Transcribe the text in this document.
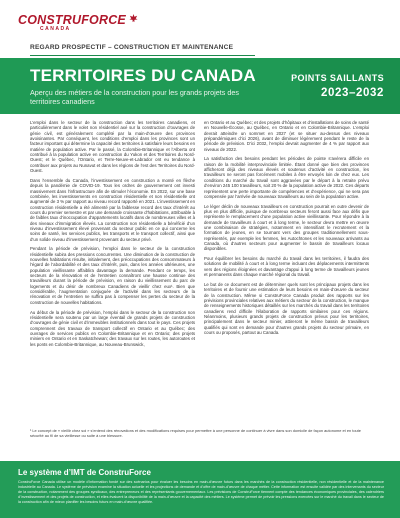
CONSTRUFORCE
CANADA
REGARD PROSPECTIF – CONSTRUCTION ET MAINTENANCE
TERRITOIRES DU CANADA
Aperçu des métiers de la construction pour les grands projets des territoires canadiens
POINTS SAILLANTS
2023–2032

L’emploi dans le secteur de la construction dans les territoires canadiens, et particulièrement dans le volet non résidentiel axé sur la construction d’ouvrages de génie civil, est généralement complété par la main-d’œuvre des provinces avoisinantes. Par conséquent, les conditions d’emploi dans les provinces sont un facteur important qui détermine la capacité des territoires à satisfaire leurs besoins en matière de population active. Par le passé, la Colombie-Britannique et l’Alberta ont contribué à la population active en construction du Yukon et des Territoires du Nord-Ouest; et le Québec, l’Ontario, et Terre-Neuve-et-Labrador ont eu tendance à contribuer aux projets au Nunavut et dans les régions de l’est des Territoires du Nord-Ouest.

Dans l’ensemble du Canada, l’investissement en construction a monté en flèche depuis la pandémie de COVID-19. Tous les ordres de gouvernement ont investi massivement dans l’infrastructure afin de stimuler l’économie. En 2022, sur une base combinée, les investissements en construction résidentielle et non résidentielle ont augmenté de 3 % par rapport au niveau record rapporté en 2021. L’investissement en construction résidentielle a été alimenté par la faiblesse record des taux d’intérêt au cours du premier semestre et par une demande croissante d’habitations, attribuable à de faibles taux d’inoccupation d’appartements locatifs dans de nombreuses villes et à des niveaux d’immigration élevés. La construction non résidentielle a bénéficié d’un niveau d’investissement élevé provenant du secteur public en ce qui concerne les soins de santé, les services publics, les transports et le transport collectif, ainsi que d’un solide niveau d’investissement provenant du secteur privé.

Pendant la période de prévision, l’emploi dans le secteur de la construction résidentielle subira des pressions concurrentes. Une diminution de la construction de nouvelles habitations résulte, initialement, des préoccupations des consommateurs à l’égard de l’abordabilité et des taux d’intérêt, puis, dans les années ultérieures, une population vieillissante affaiblira davantage la demande. Pendant ce temps, les secteurs de la rénovation et de l’entretien connaîtront une hausse continue des travailleurs durant la période de prévision, en raison du vieillissement du parc de logements et du désir de nombreux Canadiens de vieillir chez eux¹. Bien que considérable, l’augmentation conjuguée de l’activité dans les secteurs de la rénovation et de l’entretien ne suffira pas à compenser les pertes du secteur de la construction de nouvelles habitations.

Au début de la période de prévision, l’emploi dans le secteur de la construction non résidentielle sera soutenu par un large éventail de grands projets de construction d’ouvrages de génie civil et d’immeubles institutionnels dans tout le pays. Ces projets comprennent des travaux de transport collectif en Ontario et au Québec; des ouvrages de services publics en Colombie-Britannique et en Ontario; des projets miniers en Ontario et en Saskatchewan; des travaux sur les routes, les autoroutes et les ponts en Colombie-Britannique, au Nouveau-Brunswick,

en Ontario et au Québec; et des projets d’hôpitaux et d’installations de soins de santé en Nouvelle-Écosse, au Québec, en Ontario et en Colombie-Britannique. L’emploi devrait atteindre un sommet en 2027 (et se situer au-dessus des niveaux prépandémiques d’ici 2026), avant de diminuer légèrement pendant le reste de la période de prévision. D’ici 2032, l’emploi devrait augmenter de 4 % par rapport aux niveaux de 2022.

La satisfaction des besoins pendant les périodes de pointe s’avérera difficile en raison de la mobilité interprovinciale limitée. Étant donné que bien des provinces afficheront déjà des niveaux élevés et soutenus d’activité en construction, les travailleurs ne seront pas forcément mobiles à être envoyés loin de chez eux. Les conditions du marché du travail sont aggravées par le départ à la retraite prévu d’environ 245 100 travailleurs, soit 20 % de la population active de 2022. Ces départs représentent une perte importante de compétences et d’expérience, qui ne sera pas compensée par l’arrivée de nouveaux travailleurs au sein de la population active.

Le léger déclin de nouveaux travailleurs en construction pourrait en outre devenir de plus en plus difficile, puisque de nombreux secteurs feront aussi face aux défis que représente le remplacement d’une population active vieillissante. Pour répondre à la demande de travailleurs à court et à long terme, le secteur devra mettre en œuvre une combinaison de stratégies, notamment en intensifiant le recrutement et la formation de jeunes, en se tournant vers des groupes traditionnellement sous-représentés, par exemple les femmes, les Autochtones et les nouveaux arrivants au Canada, où d’autres secteurs pour augmenter le bassin de travailleurs locaux disponibles.

Pour équilibrer les besoins du marché du travail dans les territoires, il faudra des solutions de mobilité à court et à long terme incluant des déplacements intermittents vers des régions éloignées et davantage d’appui à long terme de travailleurs jeunes et permanents dans chaque marché régional du travail.

Le but de ce document est de déterminer quels sont les principaux projets dans les territoires et de fournir une estimation de leurs besoins en main-d’œuvre du secteur de la construction. Même si ConstruForce Canada produit des rapports sur les prévisions provinciales relatives aux métiers du secteur de la construction, le manque de renseignements historiques détaillés sur les marchés du travail dans les territoires canadiens rend difficile l’élaboration de rapports similaires pour ces régions. Néanmoins, plusieurs grands projets de construction prévus pour les territoires, principalement dans le secteur minier, attireront le même bassin de travailleurs qualifiés qui sont en demande pour d’autres grands projets du secteur primaire, en cours ou proposés, partout au Canada.

¹ Le concept de « vieillir chez soi » s’entend des rénovations et des modifications requises pour permettre à une personne de continuer à vivre dans son domicile de façon autonome et en toute sécurité au fil de sa vieillesse ou suite à une blessure.
Le système d’IMT de ConstruForce
ConstruForce Canada utilise un modèle d’information fondé sur des scénarios pour évaluer les besoins en main-d’œuvre futurs dans les marchés de la construction résidentielle, non résidentielle et de la maintenance industrielle au Canada. Le système de prévision examine la situation actuelle et les projections de demande et d’offre de main-d’œuvre de chaque métier. Cette information est ensuite validée par des intervenants du secteur de la construction, notamment des groupes syndicaux, des entrepreneurs et des représentants gouvernementaux. Les prévisions de ConstruForce tiennent compte des tendances économiques provinciales, des calendriers d’investissement et des projets de construction, et elles évaluent la disponibilité de la main-d’œuvre et la capacité des métiers. Le système permet de prévoir les pressions exercées sur le marché du travail dans le secteur de la construction afin de mieux planifier les besoins futurs en main-d’œuvre qualifiée.
